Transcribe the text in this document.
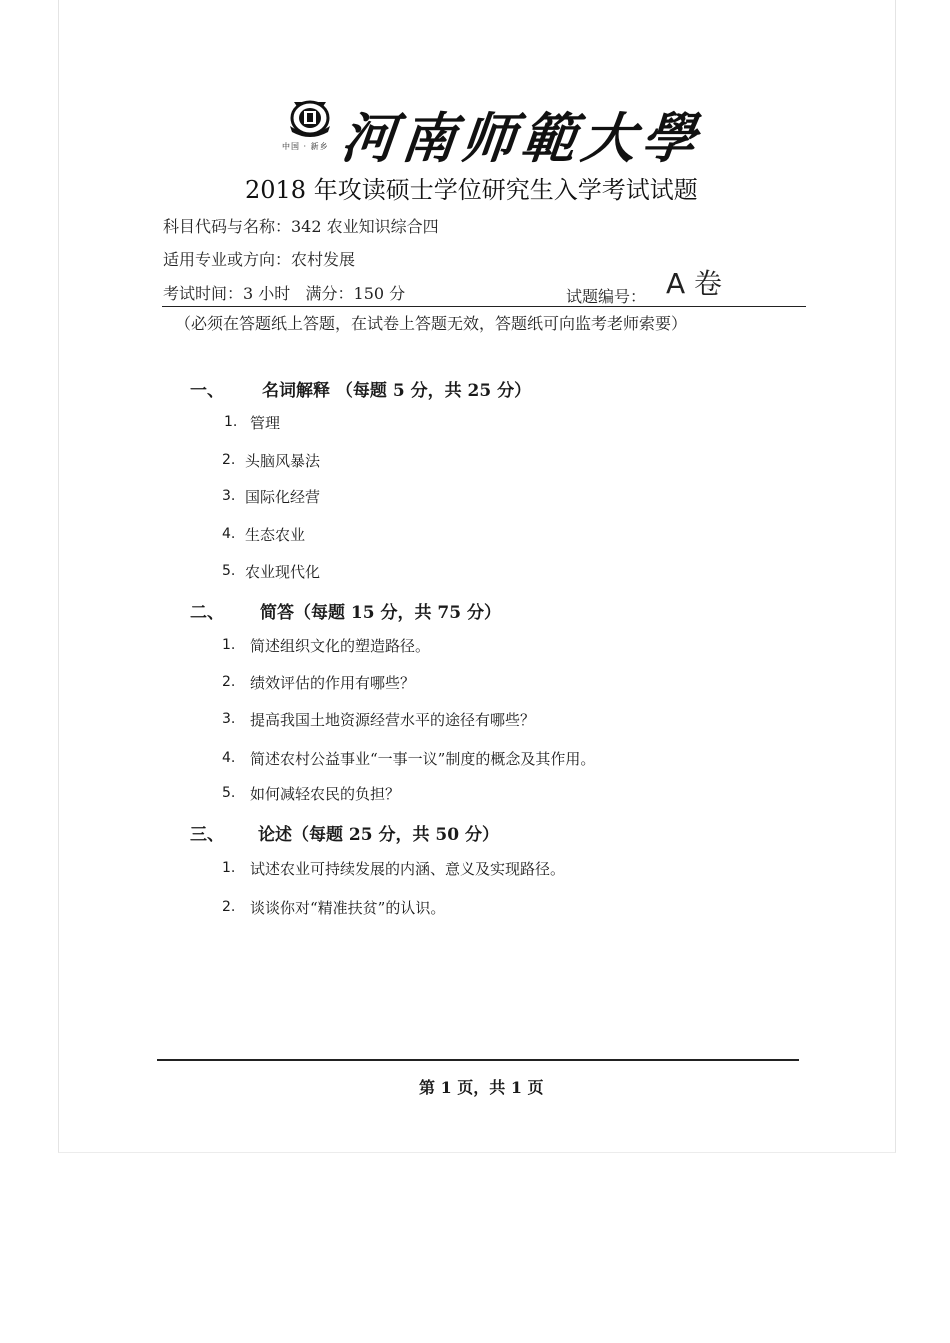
中国 · 新乡 河南师範大學
2018 年攻读硕士学位研究生入学考试试题
科目代码与名称：342 农业知识综合四
适用专业或方向：农村发展
考试时间：3 小时   满分：150 分	试题编号： A 卷
（必须在答题纸上答题，在试卷上答题无效，答题纸可向监考老师索要）
一、 名词解释 （每题 5 分，共 25 分）
1. 管理
2. 头脑风暴法
3. 国际化经营
4. 生态农业
5. 农业现代化
二、 简答（每题 15 分，共 75 分）
1. 简述组织文化的塑造路径。
2. 绩效评估的作用有哪些？
3. 提高我国土地资源经营水平的途径有哪些？
4. 简述农村公益事业“一事一议”制度的概念及其作用。
5. 如何减轻农民的负担？
三、 论述（每题 25 分，共 50 分）
1. 试述农业可持续发展的内涵、意义及实现路径。
2. 谈谈你对“精准扶贫”的认识。
第 1 页，共 1 页
